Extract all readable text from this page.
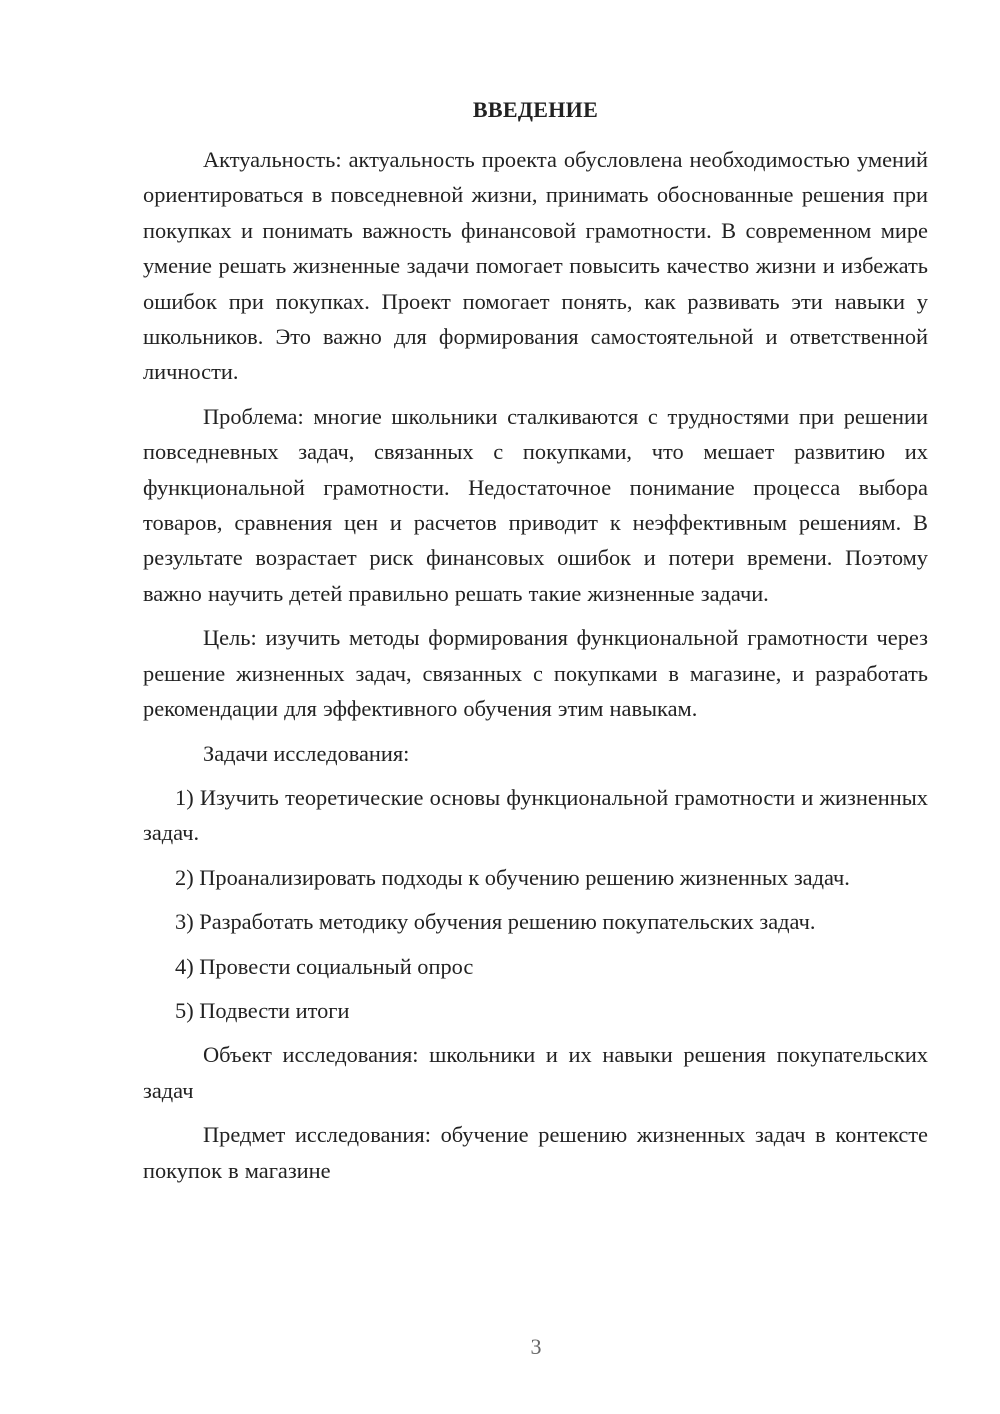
ВВЕДЕНИЕ

Актуальность: актуальность проекта обусловлена необходимостью умений ориентироваться в повседневной жизни, принимать обоснованные решения при покупках и понимать важность финансовой грамотности. В современном мире умение решать жизненные задачи помогает повысить качество жизни и избежать ошибок при покупках. Проект помогает понять, как развивать эти навыки у школьников. Это важно для формирования самостоятельной и ответственной личности.

Проблема: многие школьники сталкиваются с трудностями при решении повседневных задач, связанных с покупками, что мешает развитию их функциональной грамотности. Недостаточное понимание процесса выбора товаров, сравнения цен и расчетов приводит к неэффективным решениям. В результате возрастает риск финансовых ошибок и потери времени. Поэтому важно научить детей правильно решать такие жизненные задачи.

Цель: изучить методы формирования функциональной грамотности через решение жизненных задач, связанных с покупками в магазине, и разработать рекомендации для эффективного обучения этим навыкам.

Задачи исследования:

1) Изучить теоретические основы функциональной грамотности и жизненных задач.

2) Проанализировать подходы к обучению решению жизненных задач.

3) Разработать методику обучения решению покупательских задач.

4) Провести социальный опрос

5) Подвести итоги

Объект исследования: школьники и их навыки решения покупательских задач

Предмет исследования: обучение решению жизненных задач в контексте покупок в магазине

3
